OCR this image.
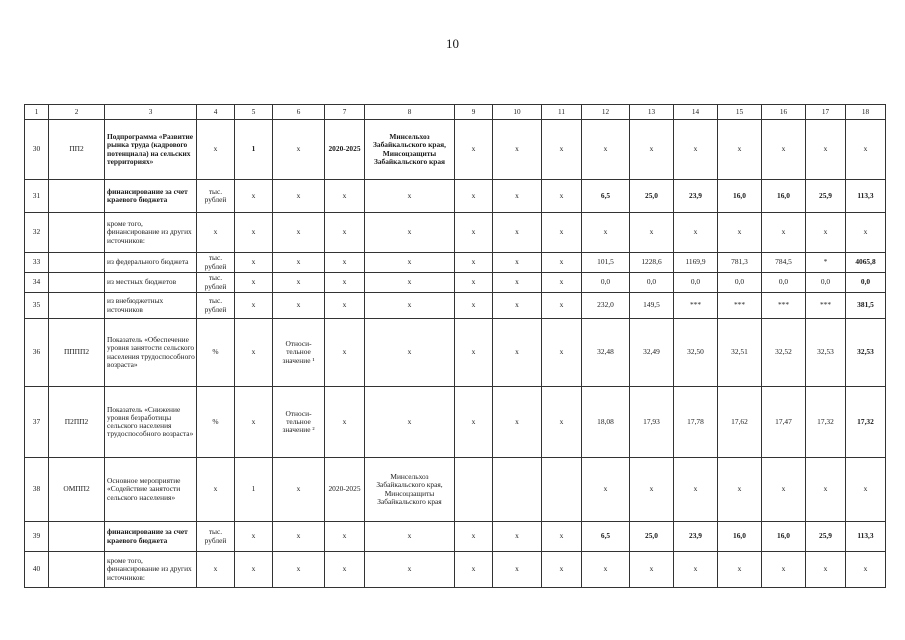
10
1	2	3	4	5	6	7	8	9	10	11	12	13	14	15	16	17	18
30	ПП2	Подпрограмма «Развитие рынка труда (кадрового потенциала) на сельских территориях»	х	1	х	2020-2025	Минсельхоз Забайкальского края, Минсоцзащиты Забайкальского края	х	х	х	х	х	х	х	х	х	х
31		финансирование за счет краевого бюджета	тыс. рублей	х	х	х	х	х	х	х	6,5	25,0	23,9	16,0	16,0	25,9	113,3
32		кроме того, финансирование из других источников:	х	х	х	х	х	х	х	х	х	х	х	х	х	х	х
33		из федерального бюджета	тыс. рублей	х	х	х	х	х	х	х	101,5	1228,6	1169,9	781,3	784,5	*	4065,8
34		из местных бюджетов	тыс. рублей	х	х	х	х	х	х	х	0,0	0,0	0,0	0,0	0,0	0,0	0,0
35		из внебюджетных источников	тыс. рублей	х	х	х	х	х	х	х	232,0	149,5	***	***	***	***	381,5
36	ПППП2	Показатель «Обеспечение уровня занятости сельского населения трудоспособного возраста»	%	х	Относи-тельное значение ¹	х	х	х	х	х	32,48	32,49	32,50	32,51	32,52	32,53	32,53
37	П2ПП2	Показатель «Снижение уровня безработицы сельского населения трудоспособного возраста»	%	х	Относи-тельное значение ²	х	х	х	х	х	18,08	17,93	17,78	17,62	17,47	17,32	17,32
38	ОМПП2	Основное мероприятие «Содействие занятости сельского населения»	х	1	х	2020-2025	Минсельхоз Забайкальского края, Минсоцзащиты Забайкальского края				х	х	х	х	х	х	х
39		финансирование за счет краевого бюджета	тыс. рублей	х	х	х	х	х	х	х	6,5	25,0	23,9	16,0	16,0	25,9	113,3
40		кроме того, финансирование из других источников:	х	х	х	х	х	х	х	х	х	х	х	х	х	х	х
